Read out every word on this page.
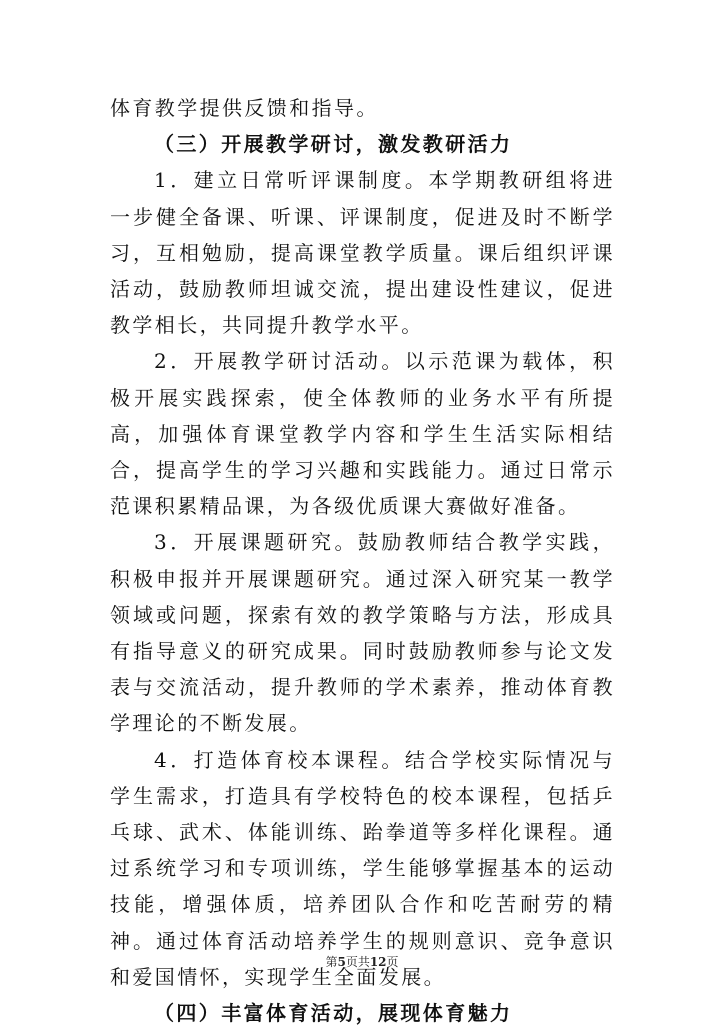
体育教学提供反馈和指导。

（三）开展教学研讨，激发教研活力

1．建立日常听评课制度。本学期教研组将进一步健全备课、听课、评课制度，促进及时不断学习，互相勉励，提高课堂教学质量。课后组织评课活动，鼓励教师坦诚交流，提出建设性建议，促进教学相长，共同提升教学水平。

2．开展教学研讨活动。以示范课为载体，积极开展实践探索，使全体教师的业务水平有所提高，加强体育课堂教学内容和学生生活实际相结合，提高学生的学习兴趣和实践能力。通过日常示范课积累精品课，为各级优质课大赛做好准备。

3．开展课题研究。鼓励教师结合教学实践，积极申报并开展课题研究。通过深入研究某一教学领域或问题，探索有效的教学策略与方法，形成具有指导意义的研究成果。同时鼓励教师参与论文发表与交流活动，提升教师的学术素养，推动体育教学理论的不断发展。

4．打造体育校本课程。结合学校实际情况与学生需求，打造具有学校特色的校本课程，包括乒乓球、武术、体能训练、跆拳道等多样化课程。通过系统学习和专项训练，学生能够掌握基本的运动技能，增强体质，培养团队合作和吃苦耐劳的精神。通过体育活动培养学生的规则意识、竞争意识和爱国情怀，实现学生全面发展。

（四）丰富体育活动，展现体育魅力

第5页共12页
